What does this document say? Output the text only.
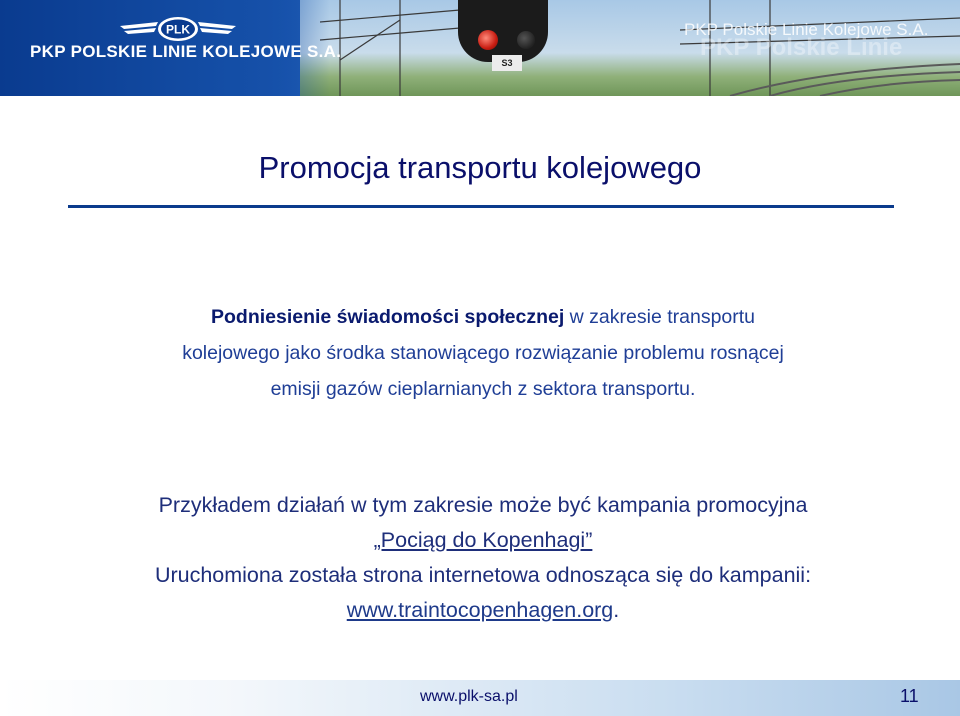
S3
PLK
PKP POLSKIE LINIE KOLEJOWE S.A.	PKP Polskie Linie
PKP Polskie Linie Kolejowe S.A.
Promocja transportu kolejowego
Podniesienie świadomości społecznej w zakresie transportu
kolejowego jako środka stanowiącego rozwiązanie problemu rosnącej
emisji gazów cieplarnianych z sektora transportu.
Przykładem działań w tym zakresie może być kampania promocyjna
„Pociąg do Kopenhagi”
Uruchomiona została strona internetowa odnosząca się do kampanii:
www.traintocopenhagen.org.
www.plk-sa.pl	11
